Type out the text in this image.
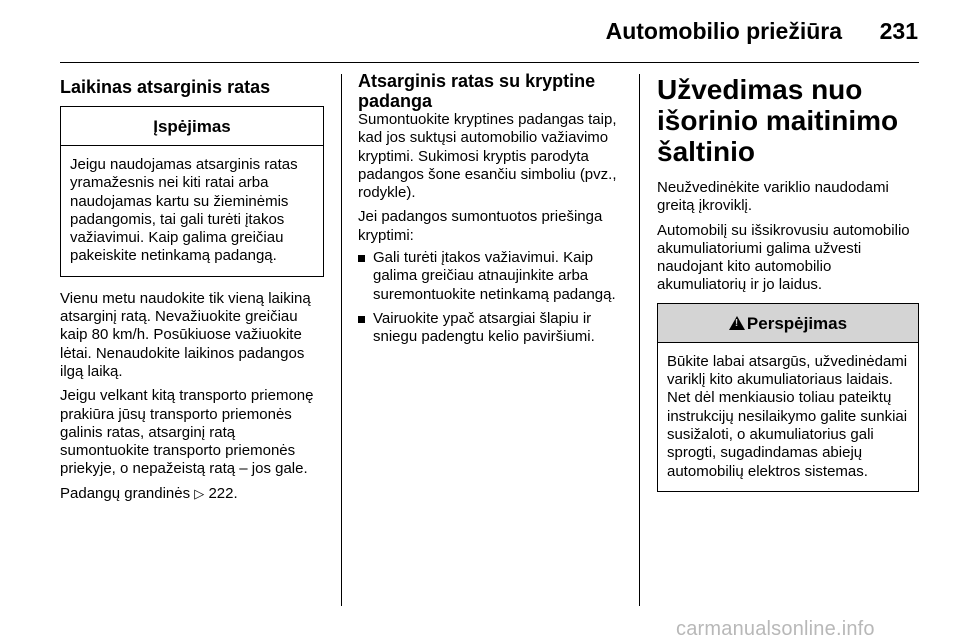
Automobilio priežiūra 231
Laikinas atsarginis ratas
Įspėjimas
Jeigu naudojamas atsarginis ratas yramažesnis nei kiti ratai arba naudojamas kartu su žieminėmis padangomis, tai gali turėti įtakos važiavimui. Kaip galima greičiau pakeiskite netinkamą padangą.

Vienu metu naudokite tik vieną laikiną atsarginį ratą. Nevažiuokite greičiau kaip 80 km/h. Posūkiuose važiuokite lėtai. Nenaudokite laikinos padangos ilgą laiką.

Jeigu velkant kitą transporto priemonę prakiūra jūsų transporto priemonės galinis ratas, atsarginį ratą sumontuokite transporto priemonės priekyje, o nepažeistą ratą – jos gale.

Padangų grandinės ▷ 222.

Atsarginis ratas su kryptine padanga

Sumontuokite kryptines padangas taip, kad jos suktųsi automobilio važiavimo kryptimi. Sukimosi kryptis parodyta padangos šone esančiu simboliu (pvz., rodykle).

Jei padangos sumontuotos priešinga kryptimi:

Gali turėti įtakos važiavimui. Kaip galima greičiau atnaujinkite arba suremontuokite netinkamą padangą.
Vairuokite ypač atsargiai šlapiu ir sniegu padengtu kelio paviršiumi.
Užvedimas nuo išorinio maitinimo šaltinio

Neužvedinėkite variklio naudodami greitą įkroviklį.

Automobilį su išsikrovusiu automobilio akumuliatoriumi galima užvesti naudojant kito automobilio akumuliatorių ir jo laidus.

!Perspėjimas
Būkite labai atsargūs, užvedinėdami variklį kito akumuliatoriaus laidais. Net dėl menkiausio toliau pateiktų instrukcijų nesilaikymo galite sunkiai susižaloti, o akumuliatorius gali sprogti, sugadindamas abiejų automobilių elektros sistemas.
carmanualsonline.info
